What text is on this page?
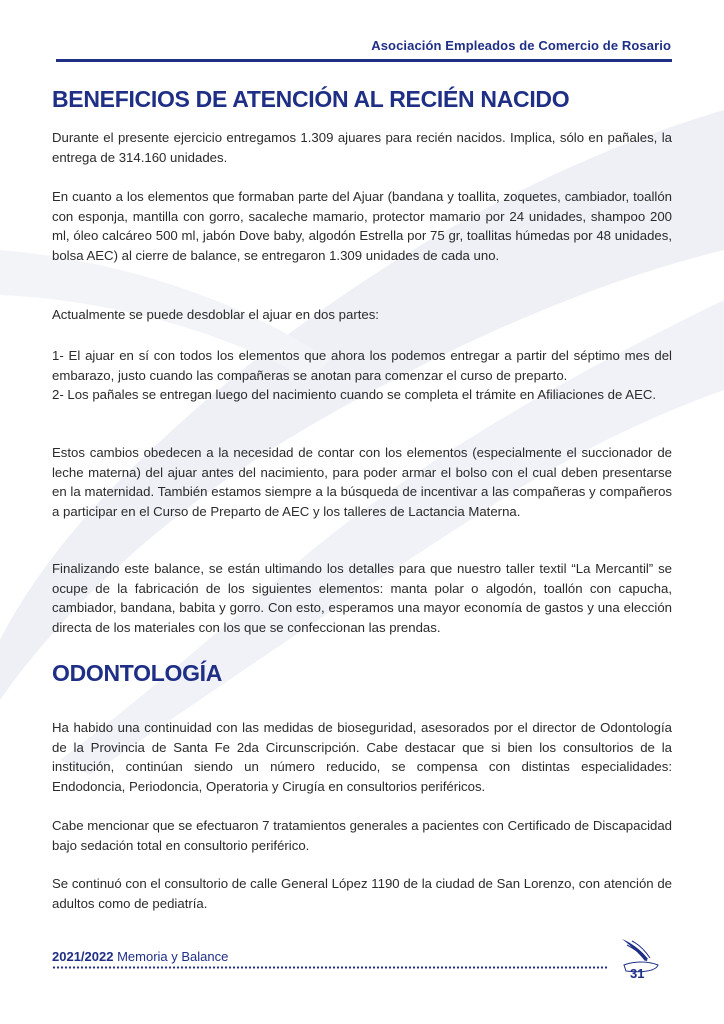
Asociación Empleados de Comercio de Rosario
BENEFICIOS DE ATENCIÓN AL RECIÉN NACIDO

Durante el presente ejercicio entregamos 1.309 ajuares para recién nacidos. Implica, sólo en pañales, la entrega de 314.160 unidades.

En cuanto a los elementos que formaban parte del Ajuar (bandana y toallita, zoquetes, cambiador, toallón con esponja, mantilla con gorro, sacaleche mamario, protector mamario por 24 unidades, shampoo 200 ml, óleo calcáreo 500 ml, jabón Dove baby, algodón Estrella por 75 gr, toallitas húmedas por 48 unidades, bolsa AEC) al cierre de balance, se entregaron 1.309 unidades de cada uno.

Actualmente se puede desdoblar el ajuar en dos partes:

1- El ajuar en sí con todos los elementos que ahora los podemos entregar a partir del séptimo mes del embarazo, justo cuando las compañeras se anotan para comenzar el curso de preparto.

2- Los pañales se entregan luego del nacimiento cuando se completa el trámite en Afiliaciones de AEC.

Estos cambios obedecen a la necesidad de contar con los elementos (especialmente el succionador de leche materna) del ajuar antes del nacimiento, para poder armar el bolso con el cual deben presentarse en la maternidad. También estamos siempre a la búsqueda de incentivar a las compañeras y compañeros a participar en el Curso de Preparto de AEC y los talleres de Lactancia Materna.

Finalizando este balance, se están ultimando los detalles para que nuestro taller textil “La Mercantil” se ocupe de la fabricación de los siguientes elementos: manta polar o algodón, toallón con capucha, cambiador, bandana, babita y gorro. Con esto, esperamos una mayor economía de gastos y una elección directa de los materiales con los que se confeccionan las prendas.

ODONTOLOGÍA

Ha habido una continuidad con las medidas de bioseguridad, asesorados por el director de Odontología de la Provincia de Santa Fe 2da Circunscripción. Cabe destacar que si bien los consultorios de la institución, continúan siendo un número reducido, se compensa con distintas especialidades: Endodoncia, Periodoncia, Operatoria y Cirugía en consultorios periféricos.

Cabe mencionar que se efectuaron 7 tratamientos generales a pacientes con Certificado de Discapacidad bajo sedación total en consultorio periférico.

Se continuó con el consultorio de calle General López 1190 de la ciudad de San Lorenzo, con atención de adultos como de pediatría.

2021/2022 Memoria y Balance
31
